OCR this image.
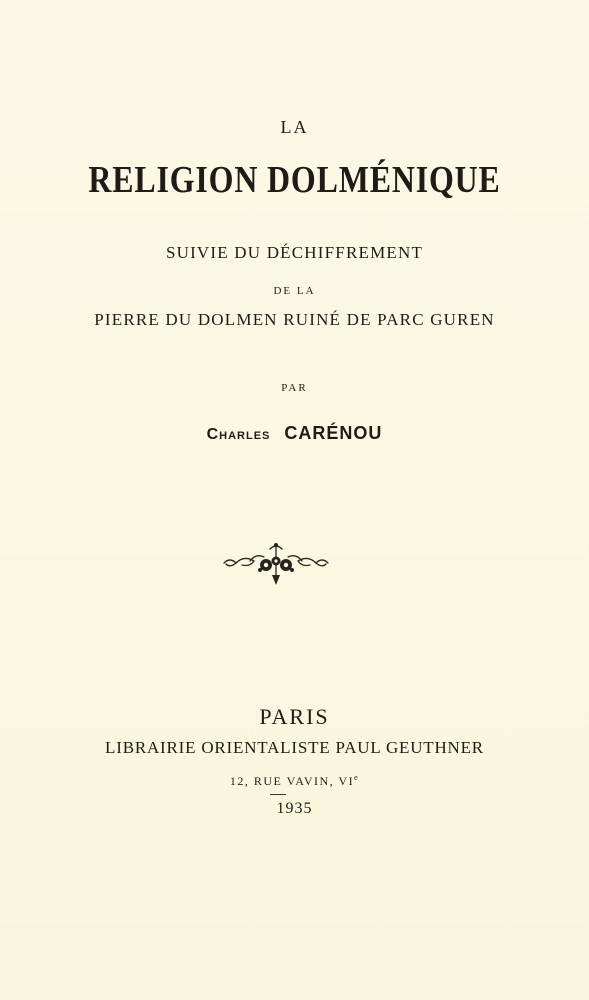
LA
RELIGION DOLMÉNIQUE
SUIVIE DU DÉCHIFFREMENT
DE LA
PIERRE DU DOLMEN RUINÉ DE PARC GUREN
PAR
Charles CARÉNOU
PARIS
LIBRAIRIE ORIENTALISTE PAUL GEUTHNER
12, RUE VAVIN, VIe
1935
